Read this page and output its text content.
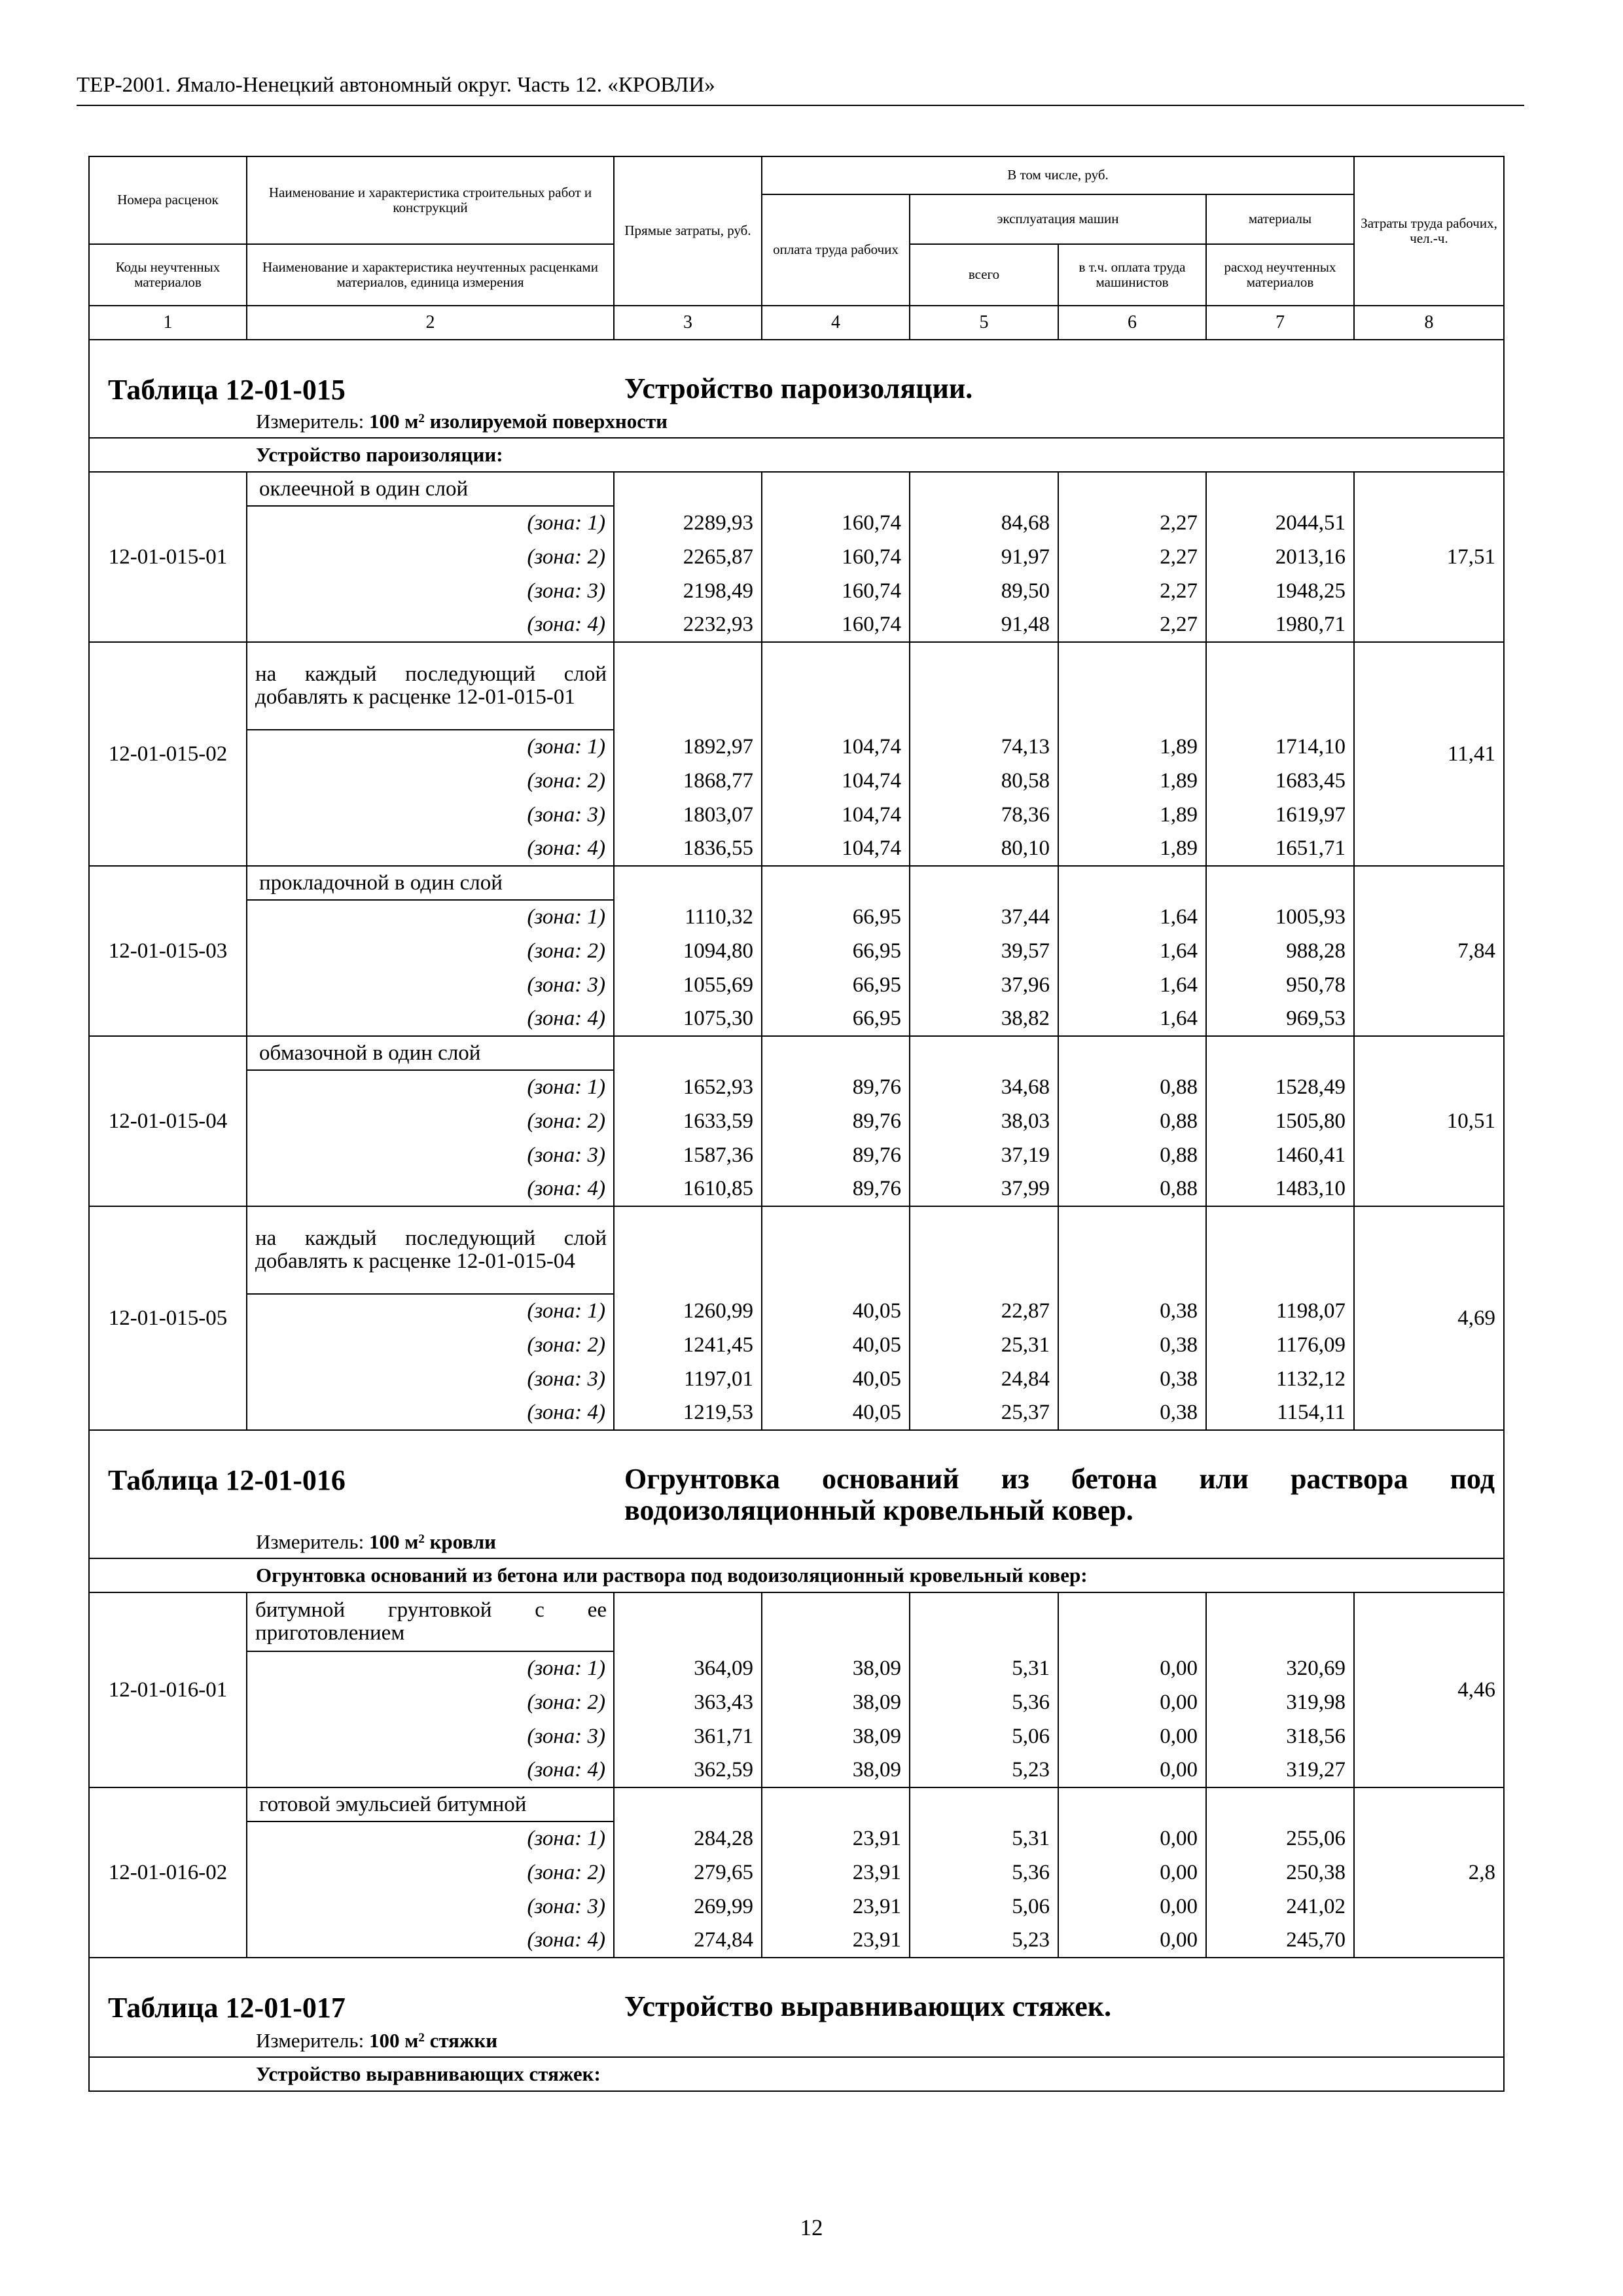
ТЕР-2001. Ямало-Ненецкий автономный округ. Часть 12. «КРОВЛИ»
Номера расценок	Наименование и характеристика строительных работ и конструкций	Прямые затраты, руб.	В том числе, руб.				Затраты труда рабочих, чел.-ч.
			оплата труда рабочих	эксплуатация машин		материалы	
Коды неучтенных материалов	Наименование и характеристика неучтенных расценками материалов, единица измерения			всего	в т.ч. оплата труда машинистов	расход неучтенных материалов	
1	2	3	4	5	6	7	8

Таблица 12-01-015 Устройство пароизоляции.
Измеритель: 100 $м^2$ изолируемой поверхности							

Устройство пароизоляции:							
12-01-015-01	оклеечной в один слой						17,51
	(зона: 1)	2289,93	160,74	84,68	2,27	2044,51	
	(зона: 2)	2265,87	160,74	91,97	2,27	2013,16	
	(зона: 3)	2198,49	160,74	89,50	2,27	1948,25	
	(зона: 4)	2232,93	160,74	91,48	2,27	1980,71	
12-01-015-02	на каждый последующий слой добавлять к расценке 12-01-015-01						11,41
	(зона: 1)	1892,97	104,74	74,13	1,89	1714,10	
	(зона: 2)	1868,77	104,74	80,58	1,89	1683,45	
	(зона: 3)	1803,07	104,74	78,36	1,89	1619,97	
	(зона: 4)	1836,55	104,74	80,10	1,89	1651,71	
12-01-015-03	прокладочной в один слой						7,84
	(зона: 1)	1110,32	66,95	37,44	1,64	1005,93	
	(зона: 2)	1094,80	66,95	39,57	1,64	988,28	
	(зона: 3)	1055,69	66,95	37,96	1,64	950,78	
	(зона: 4)	1075,30	66,95	38,82	1,64	969,53	
12-01-015-04	обмазочной в один слой						10,51
	(зона: 1)	1652,93	89,76	34,68	0,88	1528,49	
	(зона: 2)	1633,59	89,76	38,03	0,88	1505,80	
	(зона: 3)	1587,36	89,76	37,19	0,88	1460,41	
	(зона: 4)	1610,85	89,76	37,99	0,88	1483,10	
12-01-015-05	на каждый последующий слой добавлять к расценке 12-01-015-04						4,69
	(зона: 1)	1260,99	40,05	22,87	0,38	1198,07	
	(зона: 2)	1241,45	40,05	25,31	0,38	1176,09	
	(зона: 3)	1197,01	40,05	24,84	0,38	1132,12	
	(зона: 4)	1219,53	40,05	25,37	0,38	1154,11	

Таблица 12-01-016 Огрунтовка оснований из бетона или раствора под водоизоляционный кровельный ковер.
Измеритель: 100 $м^2$ кровли							

Огрунтовка оснований из бетона или раствора под водоизоляционный кровельный ковер:							
12-01-016-01	битумной грунтовкой с ее приготовлением						4,46
	(зона: 1)	364,09	38,09	5,31	0,00	320,69	
	(зона: 2)	363,43	38,09	5,36	0,00	319,98	
	(зона: 3)	361,71	38,09	5,06	0,00	318,56	
	(зона: 4)	362,59	38,09	5,23	0,00	319,27	
12-01-016-02	готовой эмульсией битумной						2,8
	(зона: 1)	284,28	23,91	5,31	0,00	255,06	
	(зона: 2)	279,65	23,91	5,36	0,00	250,38	
	(зона: 3)	269,99	23,91	5,06	0,00	241,02	
	(зона: 4)	274,84	23,91	5,23	0,00	245,70	

Таблица 12-01-017 Устройство выравнивающих стяжек.
Измеритель: 100 $м^2$ стяжки							

Устройство выравнивающих стяжек:							
12
